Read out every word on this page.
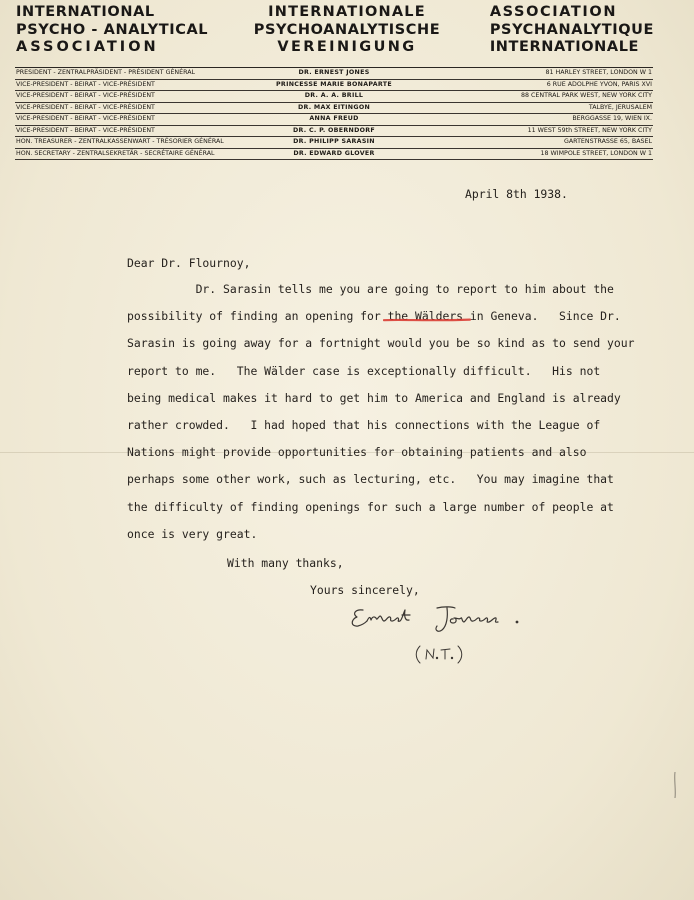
INTERNATIONAL
PSYCHO - ANALYTICAL
ASSOCIATION
INTERNATIONALE
PSYCHOANALYTISCHE
VEREINIGUNG
ASSOCIATION
PSYCHANALYTIQUE
INTERNATIONALE
PRESIDENT - ZENTRALPRÄSIDENT - PRÉSIDENT GÉNÉRAL	DR. ERNEST JONES	81 HARLEY STREET, LONDON W 1
VICE-PRESIDENT - BEIRAT - VICE-PRÉSIDENT	PRINCESSE MARIE BONAPARTE	6 RUE ADOLPHE YVON, PARIS XVI
VICE-PRESIDENT - BEIRAT - VICE-PRÉSIDENT	DR. A. A. BRILL	88 CENTRAL PARK WEST, NEW YORK CITY
VICE-PRESIDENT - BEIRAT - VICE-PRÉSIDENT	DR. MAX EITINGON	TALBYE, JERUSALEM
VICE-PRESIDENT - BEIRAT - VICE-PRÉSIDENT	ANNA FREUD	BERGGASSE 19, WIEN IX.
VICE-PRESIDENT - BEIRAT - VICE-PRÉSIDENT	DR. C. P. OBERNDORF	11 WEST 59th STREET, NEW YORK CITY
HON. TREASURER - ZENTRALKASSENWART - TRÉSORIER GÉNÉRAL	DR. PHILIPP SARASIN	GARTENSTRASSE 65, BASEL
HON. SECRETARY - ZENTRALSEKRETÄR - SECRÉTAIRE GÉNÉRAL	DR. EDWARD GLOVER	18 WIMPOLE STREET, LONDON W 1
April 8th 1938.
Dear Dr. Flournoy,
Dr. Sarasin tells me you are going to report to him about the
possibility of finding an opening for the Wälders in Geneva.   Since Dr.
Sarasin is going away for a fortnight would you be so kind as to send your
report to me.   The Wälder case is exceptionally difficult.   His not
being medical makes it hard to get him to America and England is already
rather crowded.   I had hoped that his connections with the League of
Nations might provide opportunities for obtaining patients and also
perhaps some other work, such as lecturing, etc.   You may imagine that
the difficulty of finding openings for such a large number of people at
once is very great.
With many thanks,
Yours sincerely,
